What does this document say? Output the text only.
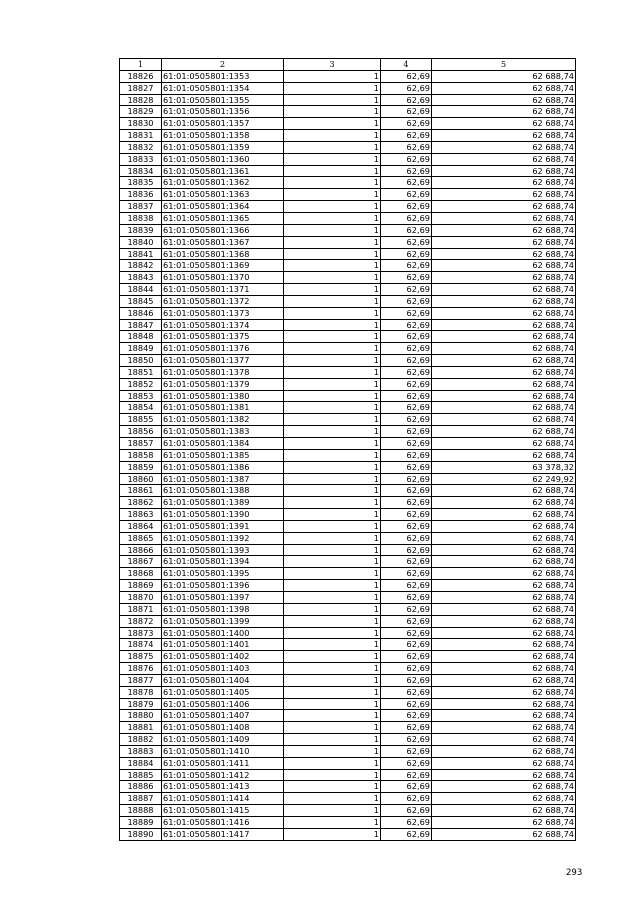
1	2	3	4	5
18826	61:01:0505801:1353	1	62,69	62 688,74
18827	61:01:0505801:1354	1	62,69	62 688,74
18828	61:01:0505801:1355	1	62,69	62 688,74
18829	61:01:0505801:1356	1	62,69	62 688,74
18830	61:01:0505801:1357	1	62,69	62 688,74
18831	61:01:0505801:1358	1	62,69	62 688,74
18832	61:01:0505801:1359	1	62,69	62 688,74
18833	61:01:0505801:1360	1	62,69	62 688,74
18834	61:01:0505801:1361	1	62,69	62 688,74
18835	61:01:0505801:1362	1	62,69	62 688,74
18836	61:01:0505801:1363	1	62,69	62 688,74
18837	61:01:0505801:1364	1	62,69	62 688,74
18838	61:01:0505801:1365	1	62,69	62 688,74
18839	61:01:0505801:1366	1	62,69	62 688,74
18840	61:01:0505801:1367	1	62,69	62 688,74
18841	61:01:0505801:1368	1	62,69	62 688,74
18842	61:01:0505801:1369	1	62,69	62 688,74
18843	61:01:0505801:1370	1	62,69	62 688,74
18844	61:01:0505801:1371	1	62,69	62 688,74
18845	61:01:0505801:1372	1	62,69	62 688,74
18846	61:01:0505801:1373	1	62,69	62 688,74
18847	61:01:0505801:1374	1	62,69	62 688,74
18848	61:01:0505801:1375	1	62,69	62 688,74
18849	61:01:0505801:1376	1	62,69	62 688,74
18850	61:01:0505801:1377	1	62,69	62 688,74
18851	61:01:0505801:1378	1	62,69	62 688,74
18852	61:01:0505801:1379	1	62,69	62 688,74
18853	61:01:0505801:1380	1	62,69	62 688,74
18854	61:01:0505801:1381	1	62,69	62 688,74
18855	61:01:0505801:1382	1	62,69	62 688,74
18856	61:01:0505801:1383	1	62,69	62 688,74
18857	61:01:0505801:1384	1	62,69	62 688,74
18858	61:01:0505801:1385	1	62,69	62 688,74
18859	61:01:0505801:1386	1	62,69	63 378,32
18860	61:01:0505801:1387	1	62,69	62 249,92
18861	61:01:0505801:1388	1	62,69	62 688,74
18862	61:01:0505801:1389	1	62,69	62 688,74
18863	61:01:0505801:1390	1	62,69	62 688,74
18864	61:01:0505801:1391	1	62,69	62 688,74
18865	61:01:0505801:1392	1	62,69	62 688,74
18866	61:01:0505801:1393	1	62,69	62 688,74
18867	61:01:0505801:1394	1	62,69	62 688,74
18868	61:01:0505801:1395	1	62,69	62 688,74
18869	61:01:0505801:1396	1	62,69	62 688,74
18870	61:01:0505801:1397	1	62,69	62 688,74
18871	61:01:0505801:1398	1	62,69	62 688,74
18872	61:01:0505801:1399	1	62,69	62 688,74
18873	61:01:0505801:1400	1	62,69	62 688,74
18874	61:01:0505801:1401	1	62,69	62 688,74
18875	61:01:0505801:1402	1	62,69	62 688,74
18876	61:01:0505801:1403	1	62,69	62 688,74
18877	61:01:0505801:1404	1	62,69	62 688,74
18878	61:01:0505801:1405	1	62,69	62 688,74
18879	61:01:0505801:1406	1	62,69	62 688,74
18880	61:01:0505801:1407	1	62,69	62 688,74
18881	61:01:0505801:1408	1	62,69	62 688,74
18882	61:01:0505801:1409	1	62,69	62 688,74
18883	61:01:0505801:1410	1	62,69	62 688,74
18884	61:01:0505801:1411	1	62,69	62 688,74
18885	61:01:0505801:1412	1	62,69	62 688,74
18886	61:01:0505801:1413	1	62,69	62 688,74
18887	61:01:0505801:1414	1	62,69	62 688,74
18888	61:01:0505801:1415	1	62,69	62 688,74
18889	61:01:0505801:1416	1	62,69	62 688,74
18890	61:01:0505801:1417	1	62,69	62 688,74
293
